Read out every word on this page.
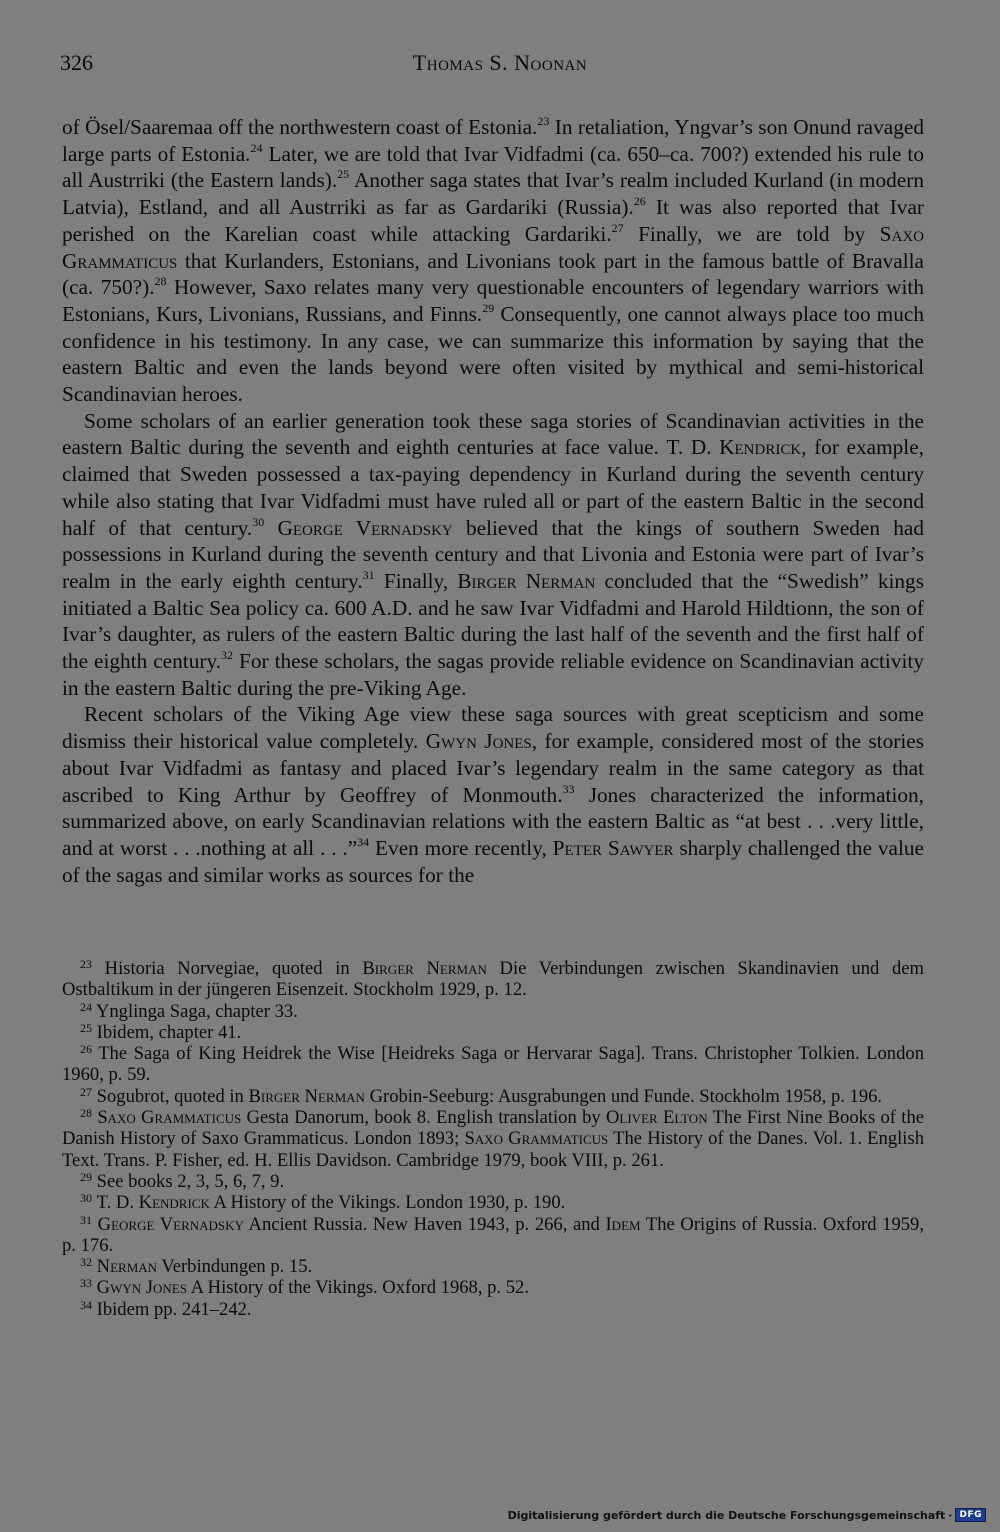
326	Thomas S. Noonan

of Ösel/Saaremaa off the northwestern coast of Estonia.$^{23}$ In retaliation, Yngvar’s son Onund ravaged large parts of Estonia.$^{24}$ Later, we are told that Ivar Vidfadmi (ca. 650–ca. 700?) extended his rule to all Austrriki (the Eastern lands).$^{25}$ Another saga states that Ivar’s realm included Kurland (in modern Latvia), Estland, and all Austrriki as far as Gardariki (Russia).$^{26}$ It was also reported that Ivar perished on the Karelian coast while attacking Gardariki.$^{27}$ Finally, we are told by Saxo Grammaticus that Kurlanders, Estonians, and Livonians took part in the famous battle of Bravalla (ca. 750?).$^{28}$ However, Saxo relates many very questionable encounters of legendary warriors with Estonians, Kurs, Livonians, Russians, and Finns.$^{29}$ Consequently, one cannot always place too much confidence in his testimony. In any case, we can summarize this information by saying that the eastern Baltic and even the lands beyond were often visited by mythical and semi-historical Scandinavian heroes.

Some scholars of an earlier generation took these saga stories of Scandinavian activities in the eastern Baltic during the seventh and eighth centuries at face value. T. D. Kendrick, for example, claimed that Sweden possessed a tax-paying dependency in Kurland during the seventh century while also stating that Ivar Vidfadmi must have ruled all or part of the eastern Baltic in the second half of that century.$^{30}$ George Vernadsky believed that the kings of southern Sweden had possessions in Kurland during the seventh century and that Livonia and Estonia were part of Ivar’s realm in the early eighth century.$^{31}$ Finally, Birger Nerman concluded that the “Swedish” kings initiated a Baltic Sea policy ca. 600 A.D. and he saw Ivar Vidfadmi and Harold Hildtionn, the son of Ivar’s daughter, as rulers of the eastern Baltic during the last half of the seventh and the first half of the eighth century.$^{32}$ For these scholars, the sagas provide reliable evidence on Scandinavian activity in the eastern Baltic during the pre-Viking Age.

Recent scholars of the Viking Age view these saga sources with great scepticism and some dismiss their historical value completely. Gwyn Jones, for example, considered most of the stories about Ivar Vidfadmi as fantasy and placed Ivar’s legendary realm in the same category as that ascribed to King Arthur by Geoffrey of Monmouth.$^{33}$ Jones characterized the information, summarized above, on early Scandinavian relations with the eastern Baltic as “at best . . .very little, and at worst . . .nothing at all . . .”$^{34}$ Even more recently, Peter Sawyer sharply challenged the value of the sagas and similar works as sources for the

$^{23}$ Historia Norvegiae, quoted in Birger Nerman Die Verbindungen zwischen Skandinavien und dem Ostbaltikum in der jüngeren Eisenzeit. Stockholm 1929, p. 12.
$^{24}$ Ynglinga Saga, chapter 33.
$^{25}$ Ibidem, chapter 41.
$^{26}$ The Saga of King Heidrek the Wise [Heidreks Saga or Hervarar Saga]. Trans. Christopher Tolkien. London 1960, p. 59.
$^{27}$ Sogubrot, quoted in Birger Nerman Grobin-Seeburg: Ausgrabungen und Funde. Stockholm 1958, p. 196.
$^{28}$ Saxo Grammaticus Gesta Danorum, book 8. English translation by Oliver Elton The First Nine Books of the Danish History of Saxo Grammaticus. London 1893; Saxo Grammaticus The History of the Danes. Vol. 1. English Text. Trans. P. Fisher, ed. H. Ellis Davidson. Cambridge 1979, book VIII, p. 261.
$^{29}$ See books 2, 3, 5, 6, 7, 9.
$^{30}$ T. D. Kendrick A History of the Vikings. London 1930, p. 190.
$^{31}$ George Vernadsky Ancient Russia. New Haven 1943, p. 266, and Idem The Origins of Russia. Oxford 1959, p. 176.
$^{32}$ Nerman Verbindungen p. 15.
$^{33}$ Gwyn Jones A History of the Vikings. Oxford 1968, p. 52.
$^{34}$ Ibidem pp. 241–242.
Digitalisierung gefördert durch die Deutsche Forschungsgemeinschaft · DFG
